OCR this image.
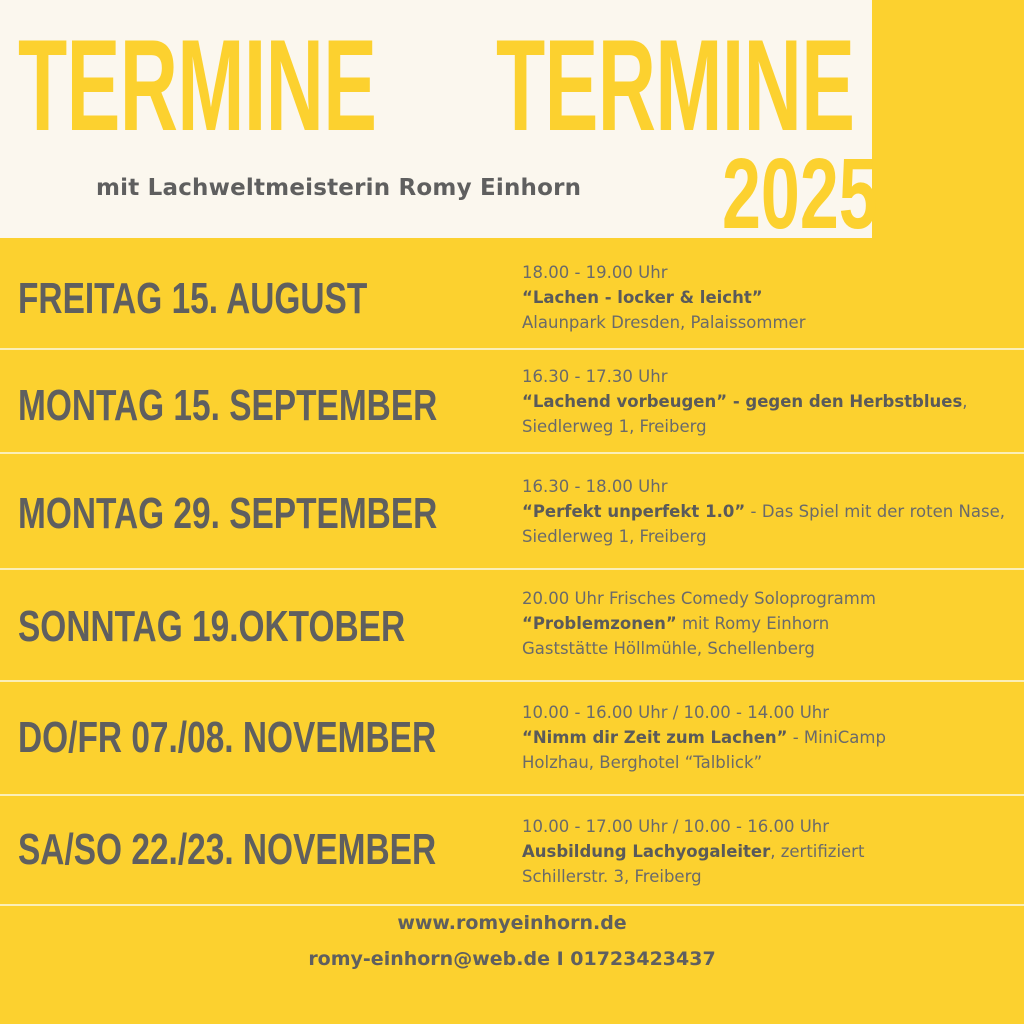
TERMINE TERMINE
2025
mit Lachweltmeisterin Romy Einhorn
FREITAG 15. AUGUST
18.00 - 19.00 Uhr
“Lachen - locker & leicht”
Alaunpark Dresden, Palaissommer
MONTAG 15. SEPTEMBER
16.30 - 17.30 Uhr
“Lachend vorbeugen” - gegen den Herbstblues,
Siedlerweg 1, Freiberg
MONTAG 29. SEPTEMBER
16.30 - 18.00 Uhr
“Perfekt unperfekt 1.0” - Das Spiel mit der roten Nase, Siedlerweg 1, Freiberg
SONNTAG 19.OKTOBER
20.00 Uhr Frisches Comedy Soloprogramm
“Problemzonen” mit Romy Einhorn
Gaststätte Höllmühle, Schellenberg
DO/FR 07./08. NOVEMBER
10.00 - 16.00 Uhr / 10.00 - 14.00 Uhr
“Nimm dir Zeit zum Lachen” - MiniCamp
Holzhau, Berghotel “Talblick”
SA/SO 22./23. NOVEMBER	10.00 - 17.00 Uhr / 10.00 - 16.00 Uhr
Ausbildung Lachyogaleiter, zertifiziert
Schillerstr. 3, Freiberg
www.romyeinhorn.de
romy-einhorn@web.de I 01723423437
